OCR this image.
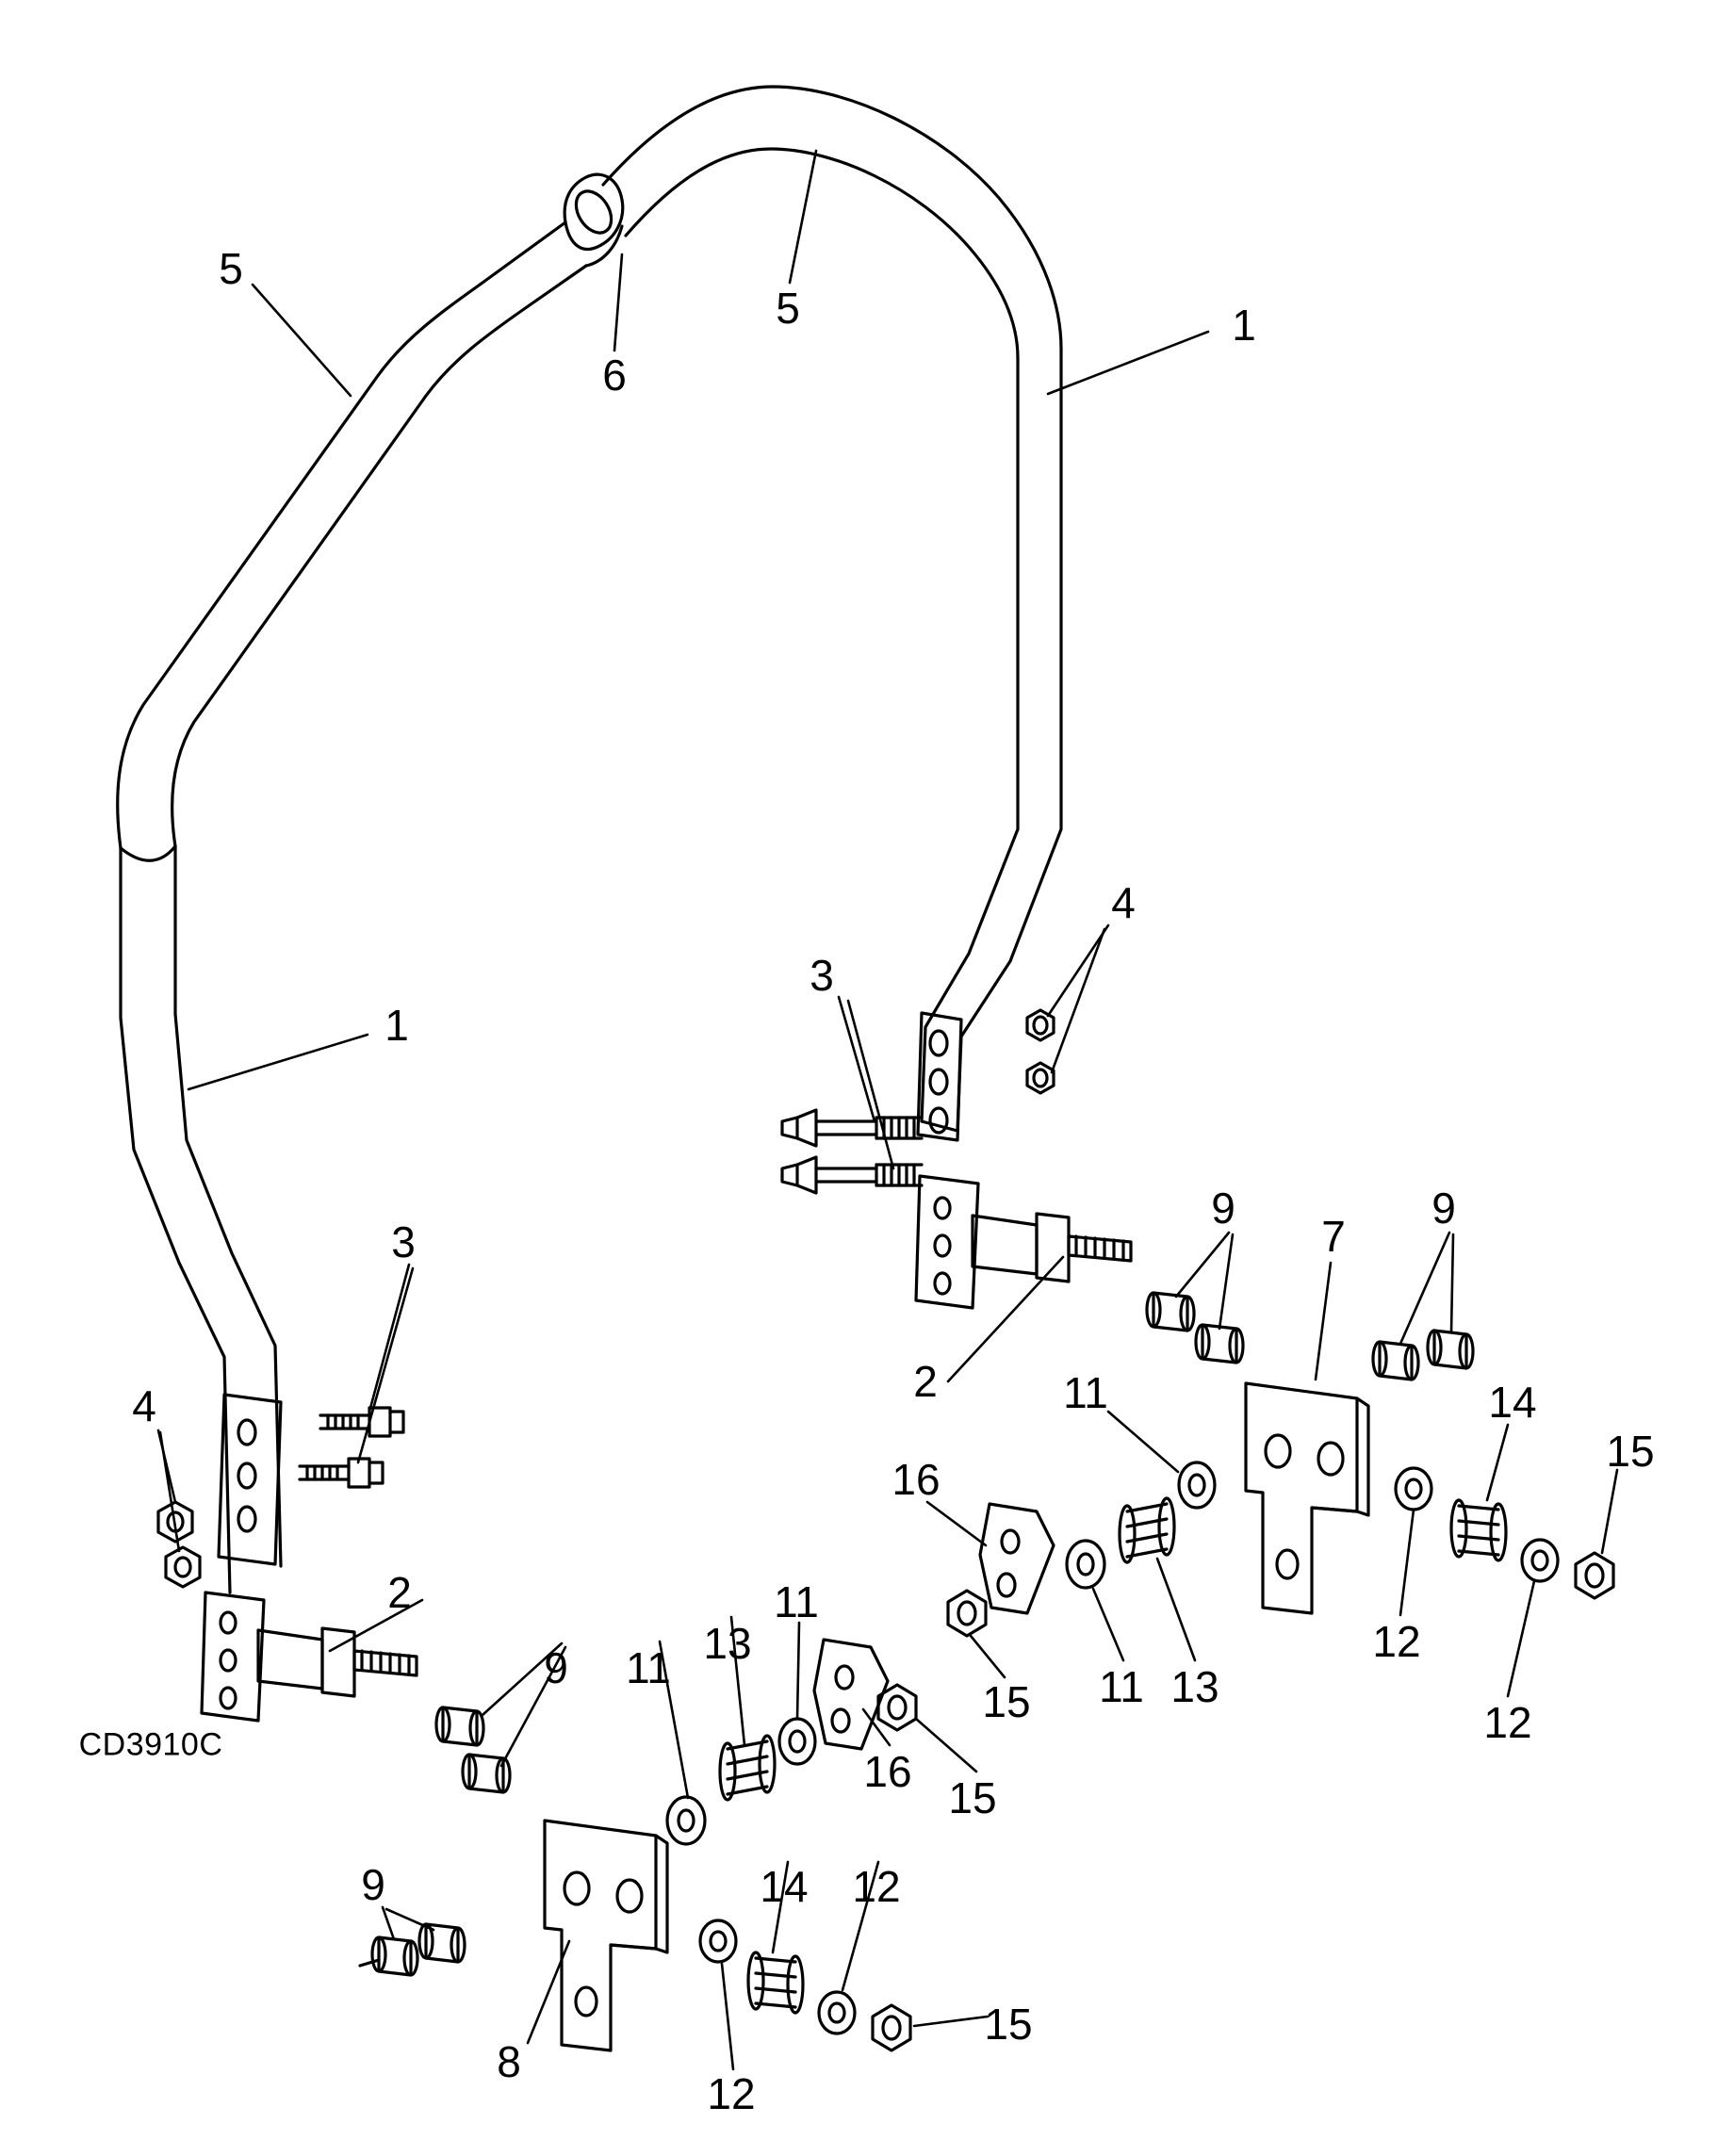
5
6
5	1
1
3
4
3
4	2
9	9
7
11	14
15
16
12
12
11 13
15
2
11 13
11
9
16
15
9
8
14 12
12
15
CD3910C
